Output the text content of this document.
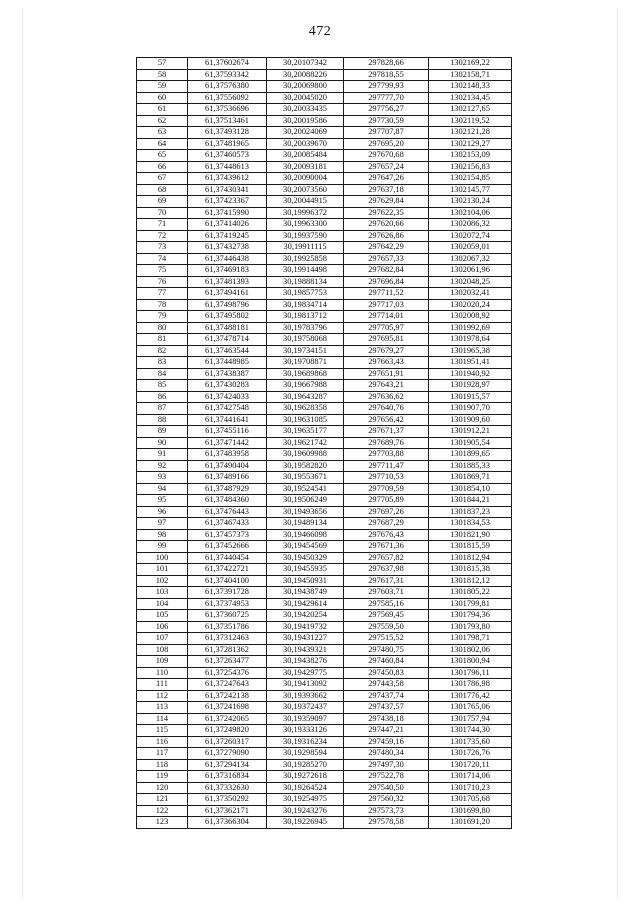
472
57	61,37602674	30,20107342	297828,66	1302169,22
58	61,37593342	30,20088226	297818,55	1302158,71
59	61,37576380	30,20069800	297799,93	1302148,33
60	61,37556092	30,20045020	297777,70	1302134,45
61	61,37536696	30,20033435	297756,27	1302127,65
62	61,37513461	30,20019586	297730,59	1302119,52
63	61,37493128	30,20024069	297707,87	1302121,28
64	61,37481965	30,20039670	297695,20	1302129,27
65	61,37460573	30,20085484	297670,68	1302153,09
66	61,37448613	30,20093181	297657,24	1302156,83
67	61,37439612	30,20090004	297647,26	1302154,85
68	61,37430341	30,20073560	297637,18	1302145,77
69	61,37423367	30,20044915	297629,84	1302130,24
70	61,37415990	30,19996372	297622,35	1302104,06
71	61,37414026	30,19963300	297620,66	1302086,32
72	61,37419245	30,19937590	297626,86	1302072,74
73	61,37432738	30,19911115	297642,29	1302059,01
74	61,37446438	30,19925858	297657,33	1302067,32
75	61,37469183	30,19914498	297682,84	1302061,96
76	61,37481393	30,19888134	297696,84	1302048,25
77	61,37494161	30,19857753	297711,52	1302032,41
78	61,37498796	30,19834714	297717,03	1302020,24
79	61,37495802	30,19813712	297714,01	1302008,92
80	61,37488181	30,19783796	297705,97	1301992,69
81	61,37478714	30,19758068	297695,81	1301978,64
82	61,37463544	30,19734151	297679,27	1301965,38
83	61,37448985	30,19708871	297663,43	1301951,41
84	61,37438387	30,19689868	297651,91	1301940,92
85	61,37430283	30,19667988	297643,21	1301928,97
86	61,37424033	30,19643287	297636,62	1301915,57
87	61,37427548	30,19628358	297640,76	1301907,70
88	61,37441641	30,19631085	297656,42	1301909,60
89	61,37455116	30,19635177	297671,37	1301912,21
90	61,37471442	30,19621742	297689,76	1301905,54
91	61,37483958	30,19609988	297703,88	1301899,65
92	61,37490404	30,19582820	297711,47	1301885,33
93	61,37489166	30,19553671	297710,53	1301869,71
94	61,37487929	30,19524541	297709,59	1301854,10
95	61,37484360	30,19506249	297705,89	1301844,21
96	61,37476443	30,19493656	297697,26	1301837,23
97	61,37467433	30,19489134	297687,29	1301834,53
98	61,37457373	30,19466098	297676,43	1301821,90
99	61,37452666	30,19454569	297671,36	1301815,59
100	61,37440454	30,19450329	297657,82	1301812,94
101	61,37422721	30,19455935	297637,98	1301815,38
102	61,37404100	30,19450931	297617,31	1301812,12
103	61,37391728	30,19438749	297603,71	1301805,22
104	61,37374953	30,19429614	297585,16	1301799,81
105	61,37360725	30,19420254	297569,45	1301794,36
106	61,37351786	30,19419732	297559,50	1301793,80
107	61,37312463	30,19431227	297515,52	1301798,71
108	61,37281362	30,19439321	297480,75	1301802,06
109	61,37263477	30,19438276	297460,84	1301800,94
110	61,37254376	30,19429775	297450,83	1301796,11
111	61,37247643	30,19413092	297443,58	1301786,98
112	61,37242138	30,19393662	297437,74	1301776,42
113	61,37241698	30,19372437	297437,57	1301765,06
114	61,37242065	30,19359097	297438,18	1301757,94
115	61,37249820	30,19333126	297447,21	1301744,30
116	61,37260317	30,19316234	297459,16	1301735,60
117	61,37279090	30,19298594	297480,34	1301726,76
118	61,37294134	30,19285270	297497,30	1301720,11
119	61,37316834	30,19272618	297522,78	1301714,06
120	61,37332630	30,19264524	297540,50	1301710,23
121	61,37350292	30,19254975	297560,32	1301705,68
122	61,37362171	30,19243276	297573,73	1301699,80
123	61,37366304	30,19226945	297578,58	1301691,20
